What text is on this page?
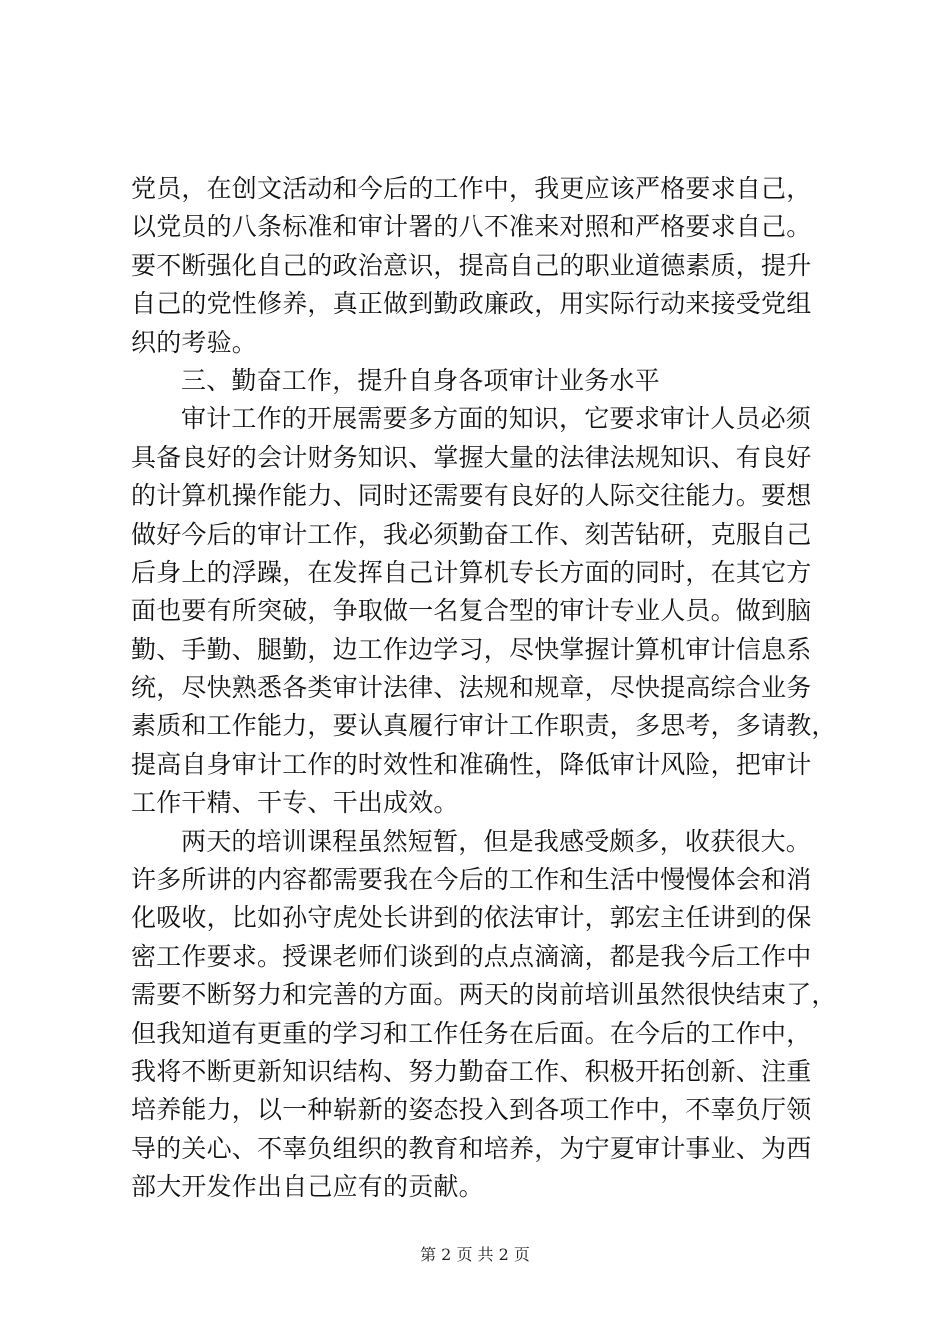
党员，在创文活动和今后的工作中，我更应该严格要求自己，
以党员的八条标准和审计署的八不准来对照和严格要求自己。
要不断强化自己的政治意识，提高自己的职业道德素质，提升
自己的党性修养，真正做到勤政廉政，用实际行动来接受党组
织的考验。
三、勤奋工作，提升自身各项审计业务水平
审计工作的开展需要多方面的知识，它要求审计人员必须
具备良好的会计财务知识、掌握大量的法律法规知识、有良好
的计算机操作能力、同时还需要有良好的人际交往能力。要想
做好今后的审计工作，我必须勤奋工作、刻苦钻研，克服自己
后身上的浮躁，在发挥自己计算机专长方面的同时，在其它方
面也要有所突破，争取做一名复合型的审计专业人员。做到脑
勤、手勤、腿勤，边工作边学习，尽快掌握计算机审计信息系
统，尽快熟悉各类审计法律、法规和规章，尽快提高综合业务
素质和工作能力，要认真履行审计工作职责，多思考，多请教，
提高自身审计工作的时效性和准确性，降低审计风险，把审计
工作干精、干专、干出成效。
两天的培训课程虽然短暂，但是我感受颇多，收获很大。
许多所讲的内容都需要我在今后的工作和生活中慢慢体会和消
化吸收，比如孙守虎处长讲到的依法审计，郭宏主任讲到的保
密工作要求。授课老师们谈到的点点滴滴，都是我今后工作中
需要不断努力和完善的方面。两天的岗前培训虽然很快结束了，
但我知道有更重的学习和工作任务在后面。在今后的工作中，
我将不断更新知识结构、努力勤奋工作、积极开拓创新、注重
培养能力，以一种崭新的姿态投入到各项工作中，不辜负厅领
导的关心、不辜负组织的教育和培养，为宁夏审计事业、为西
部大开发作出自己应有的贡献。
第 2 页 共 2 页
